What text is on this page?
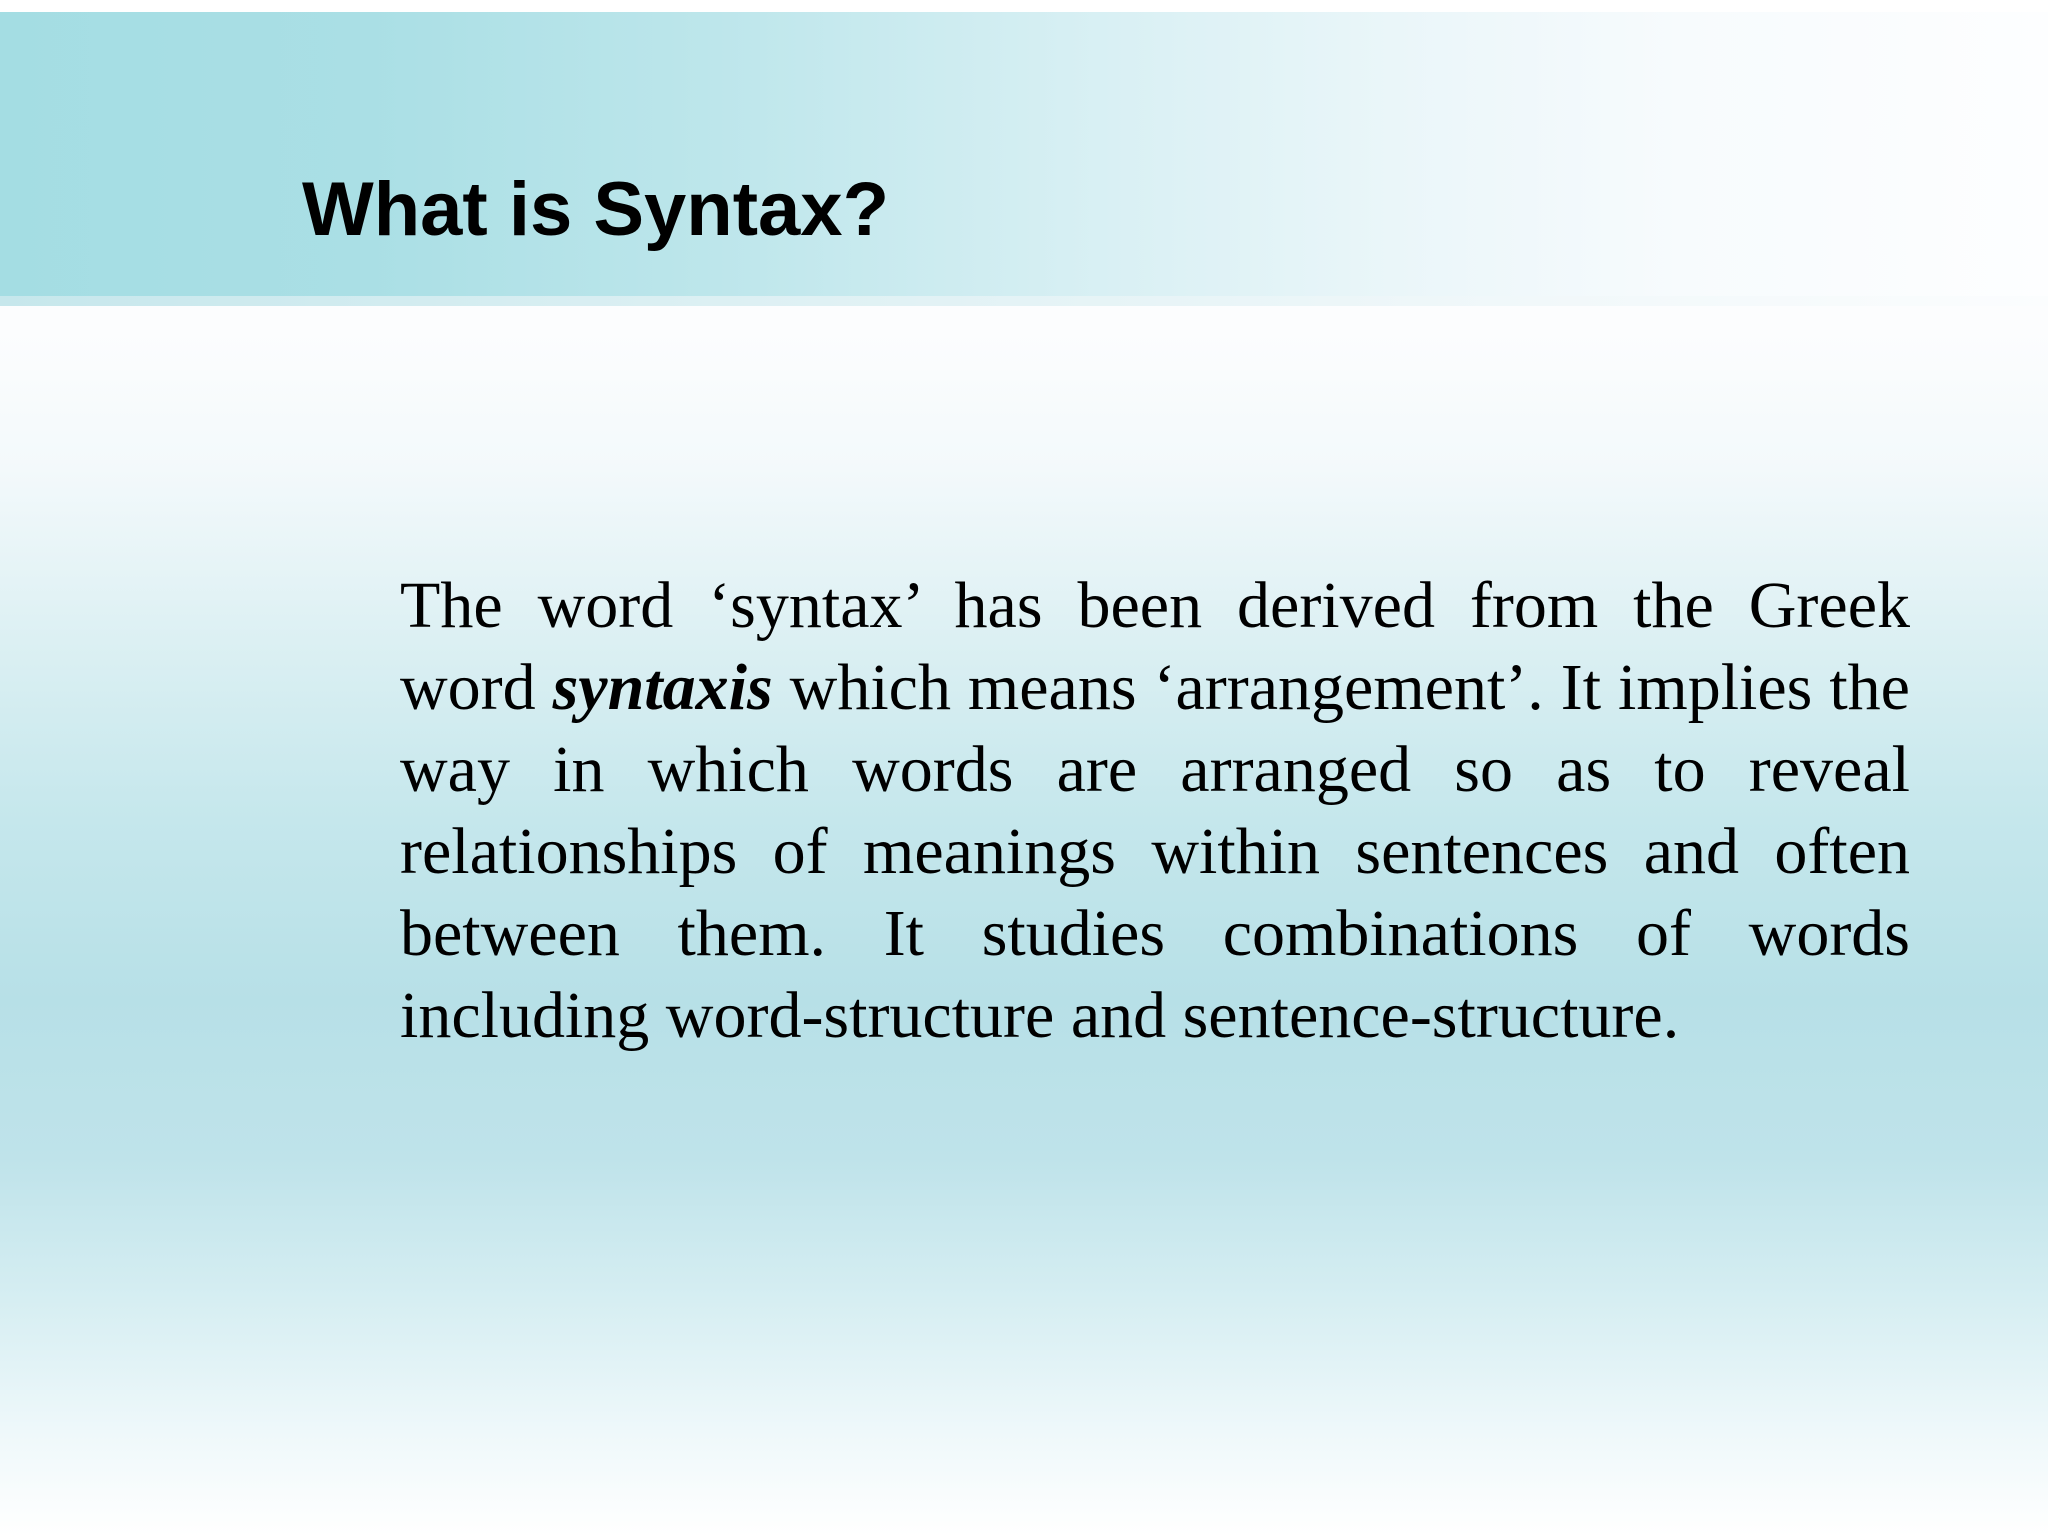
What is Syntax?

The word ‘syntax’ has been derived from the Greek word syntaxis which means ‘arrangement’. It implies the way in which words are arranged so as to reveal relationships of meanings within sentences and often between them. It studies combinations of words including word-structure and sentence-structure.
